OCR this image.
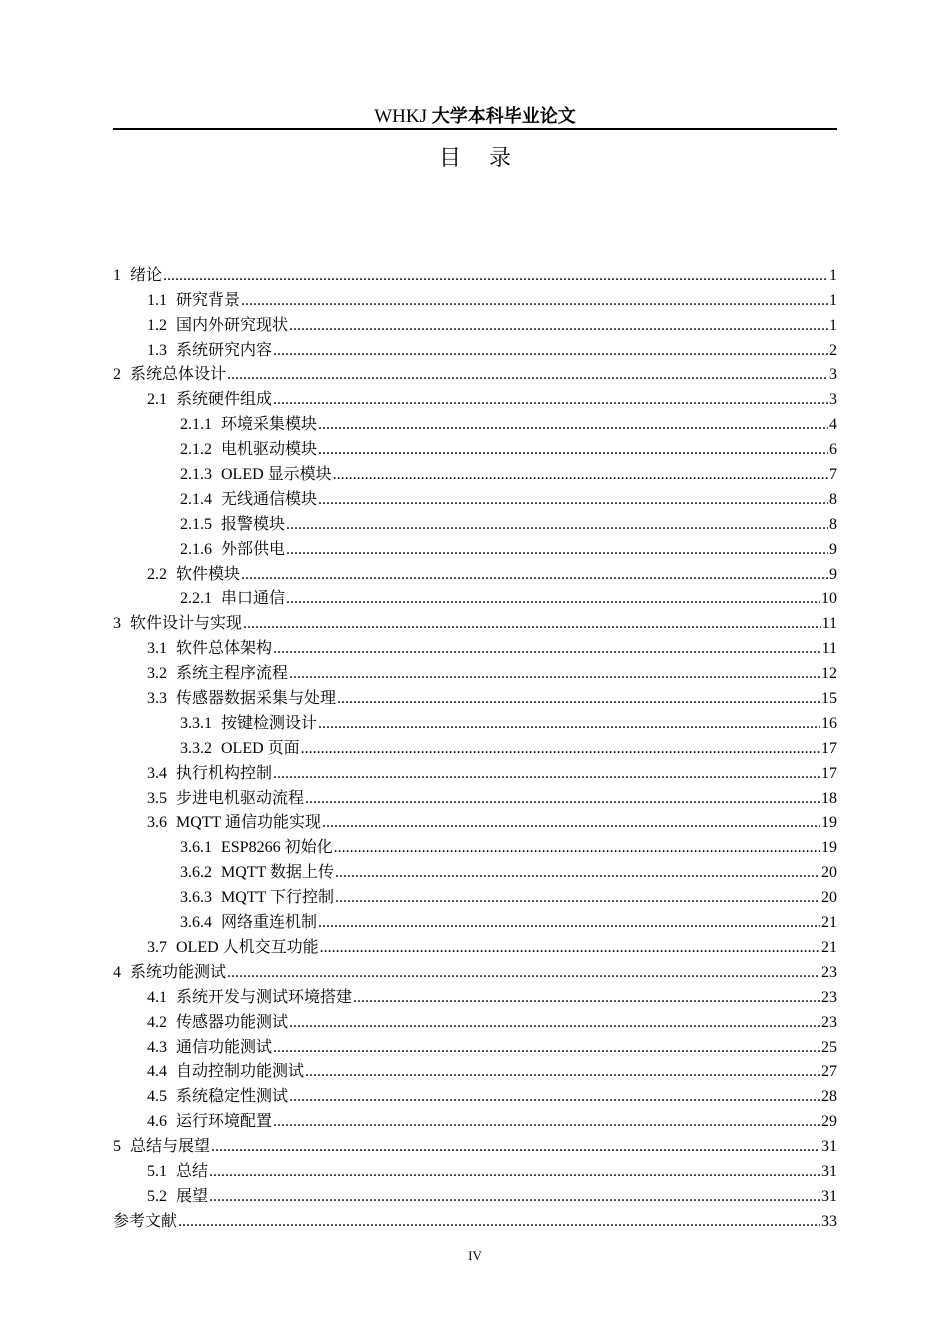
WHKJ 大学本科毕业论文
目录
1 绪论 .....	1
1.1 研究背景 .....	1
1.2 国内外研究现状 .....	1
1.3 系统研究内容 .....	2
2 系统总体设计 .....	3
2.1 系统硬件组成 .....	3
2.1.1 环境采集模块 .....	4
2.1.2 电机驱动模块 .....	6
2.1.3 OLED 显示模块 .....	7
2.1.4 无线通信模块 .....	8
2.1.5 报警模块 .....	8
2.1.6 外部供电 .....	9
2.2 软件模块 .....	9
2.2.1 串口通信 .....	10
3 软件设计与实现 .....	11
3.1 软件总体架构 .....	11
3.2 系统主程序流程 .....	12
3.3 传感器数据采集与处理 .....	15
3.3.1 按键检测设计 .....	16
3.3.2 OLED 页面 .....	17
3.4 执行机构控制 .....	17
3.5 步进电机驱动流程 .....	18
3.6 MQTT 通信功能实现 .....	19
3.6.1 ESP8266 初始化 .....	19
3.6.2 MQTT 数据上传 .....	20
3.6.3 MQTT 下行控制 .....	20
3.6.4 网络重连机制 .....	21
3.7 OLED 人机交互功能 .....	21
4 系统功能测试 .....	23
4.1 系统开发与测试环境搭建 .....	23
4.2 传感器功能测试 .....	23
4.3 通信功能测试 .....	25
4.4 自动控制功能测试 .....	27
4.5 系统稳定性测试 .....	28
4.6 运行环境配置 .....	29
5 总结与展望 .....	31
5.1 总结 .....	31
5.2 展望 .....	31
参考文献 .....	33
IV
